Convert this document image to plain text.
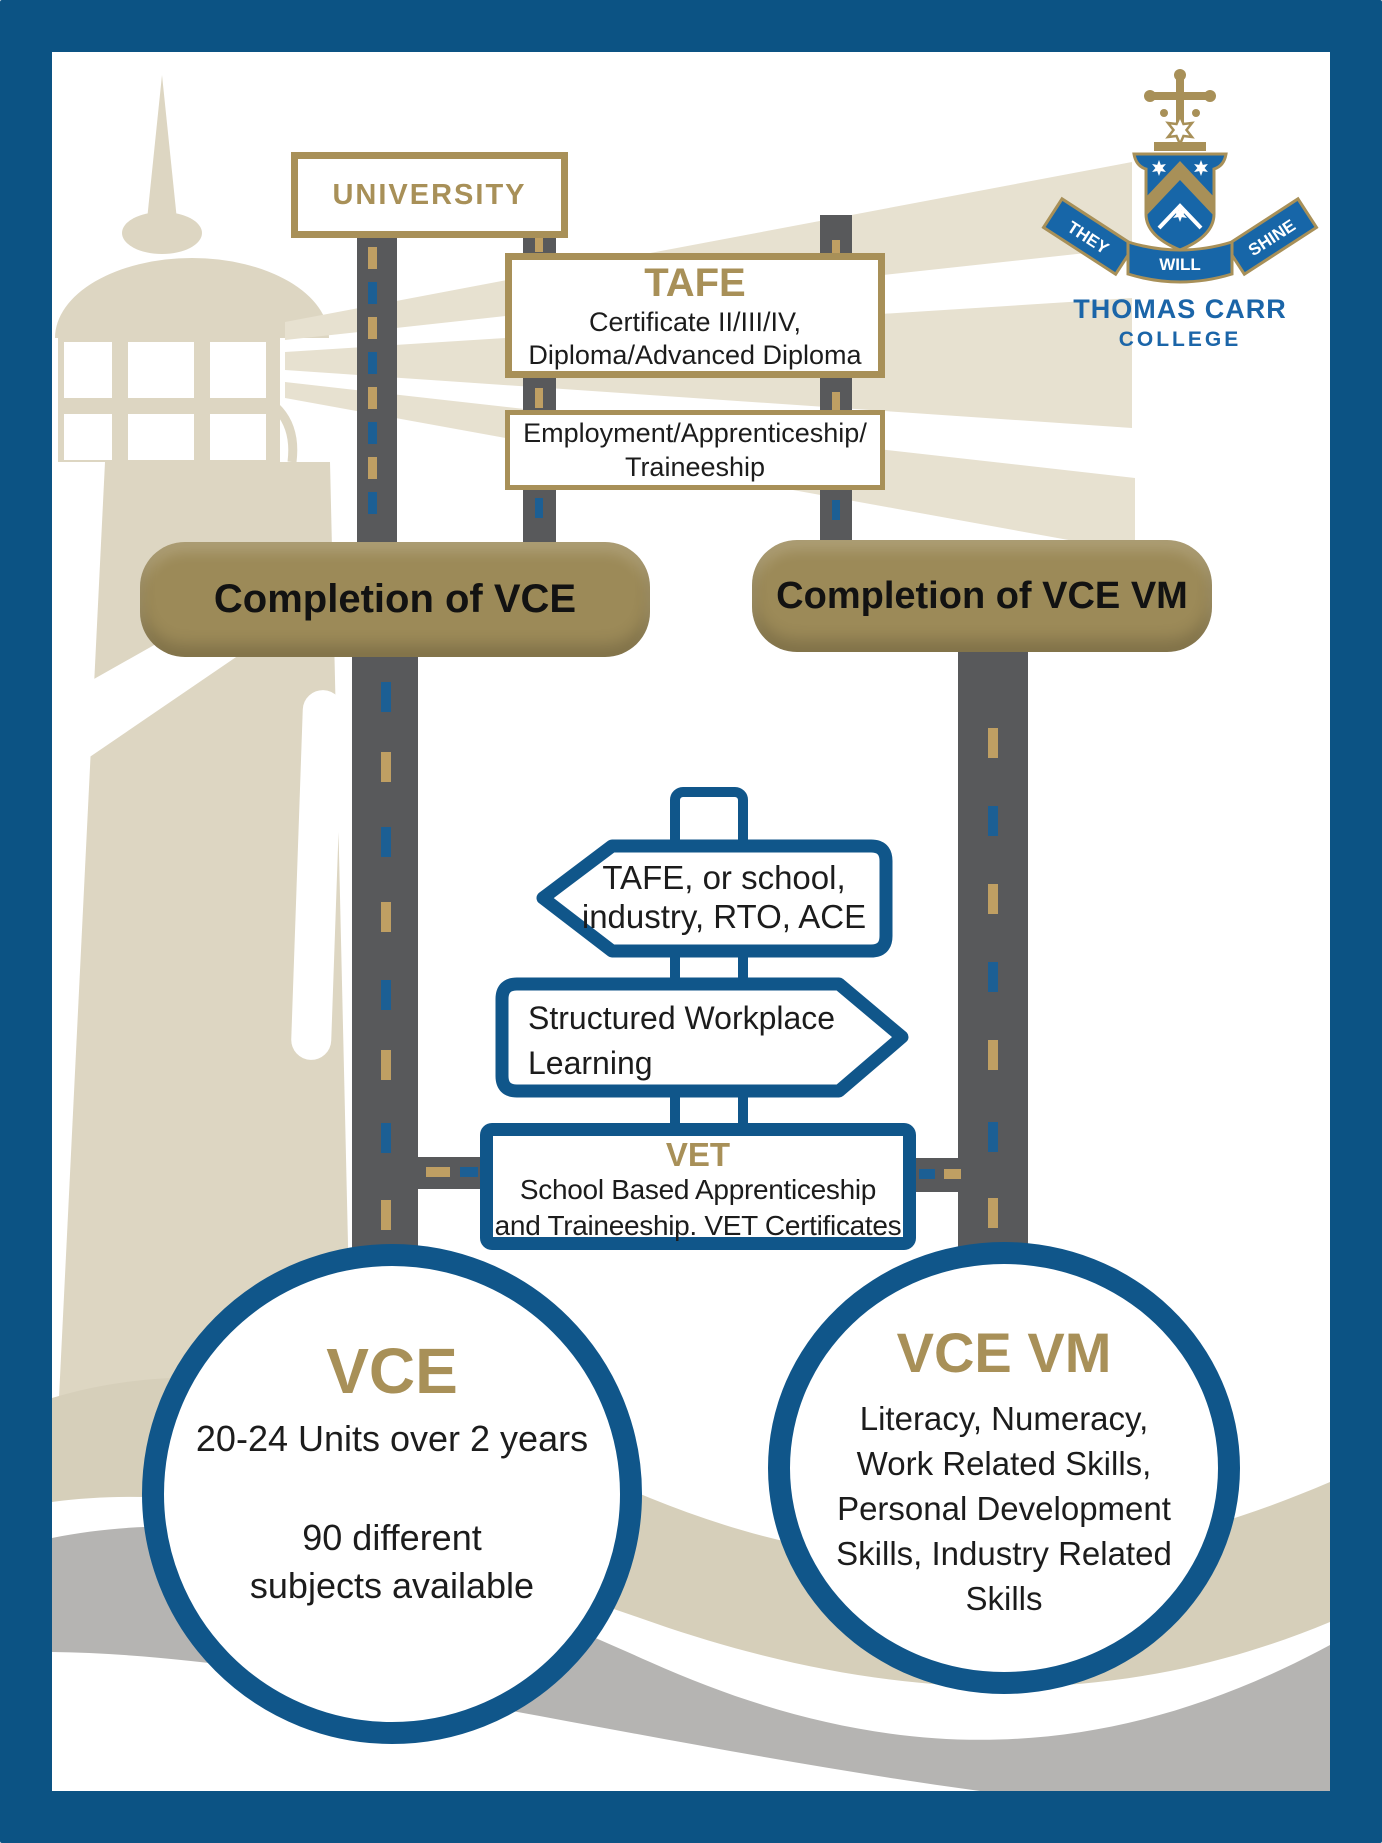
THEY	SHINE
WILL
THOMAS CARR
COLLEGE
UNIVERSITY
TAFE
Certificate II/III/IV,
Diploma/Advanced Diploma
Employment/Apprenticeship/
Traineeship
Completion of VCE	Completion of VCE VM
TAFE, or school,
industry, RTO, ACE
Structured Workplace
Learning
VET
School Based Apprenticeship
and Traineeship. VET Certificates
VCE
20-24 Units over 2 years
90 different
subjects available
VCE VM
Literacy, Numeracy,
Work Related Skills,
Personal Development
Skills, Industry Related
Skills
